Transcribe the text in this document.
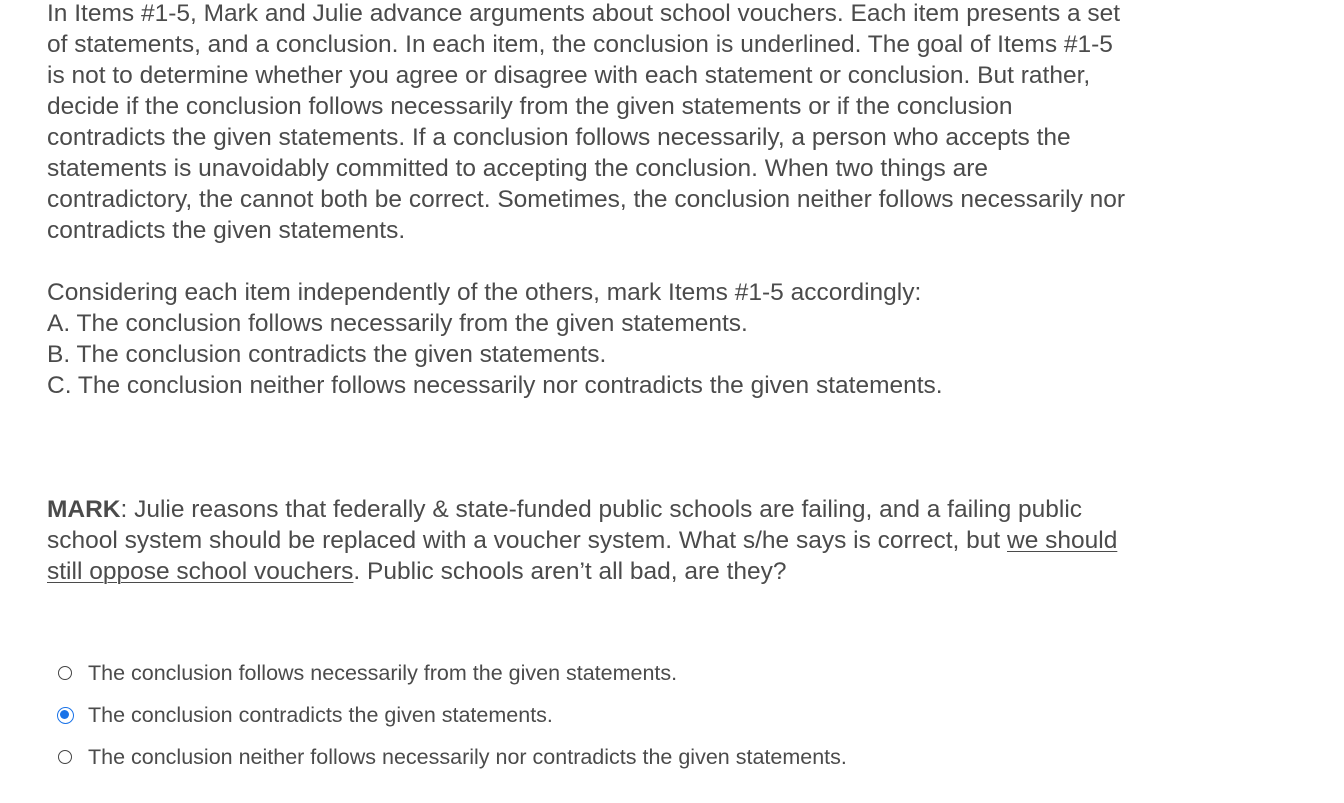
In Items #1-5, Mark and Julie advance arguments about school vouchers. Each item presents a set of statements, and a conclusion. In each item, the conclusion is underlined. The goal of Items #1-5 is not to determine whether you agree or disagree with each statement or conclusion. But rather, decide if the conclusion follows necessarily from the given statements or if the conclusion contradicts the given statements. If a conclusion follows necessarily, a person who accepts the statements is unavoidably committed to accepting the conclusion. When two things are contradictory, the cannot both be correct. Sometimes, the conclusion neither follows necessarily nor contradicts the given statements.

Considering each item independently of the others, mark Items #1-5 accordingly:
A. The conclusion follows necessarily from the given statements.
B. The conclusion contradicts the given statements.
C. The conclusion neither follows necessarily nor contradicts the given statements.

MARK: Julie reasons that federally & state-funded public schools are failing, and a failing public school system should be replaced with a voucher system. What s/he says is correct, but we should still oppose school vouchers. Public schools aren’t all bad, are they?

The conclusion follows necessarily from the given statements.
The conclusion contradicts the given statements.
The conclusion neither follows necessarily nor contradicts the given statements.
